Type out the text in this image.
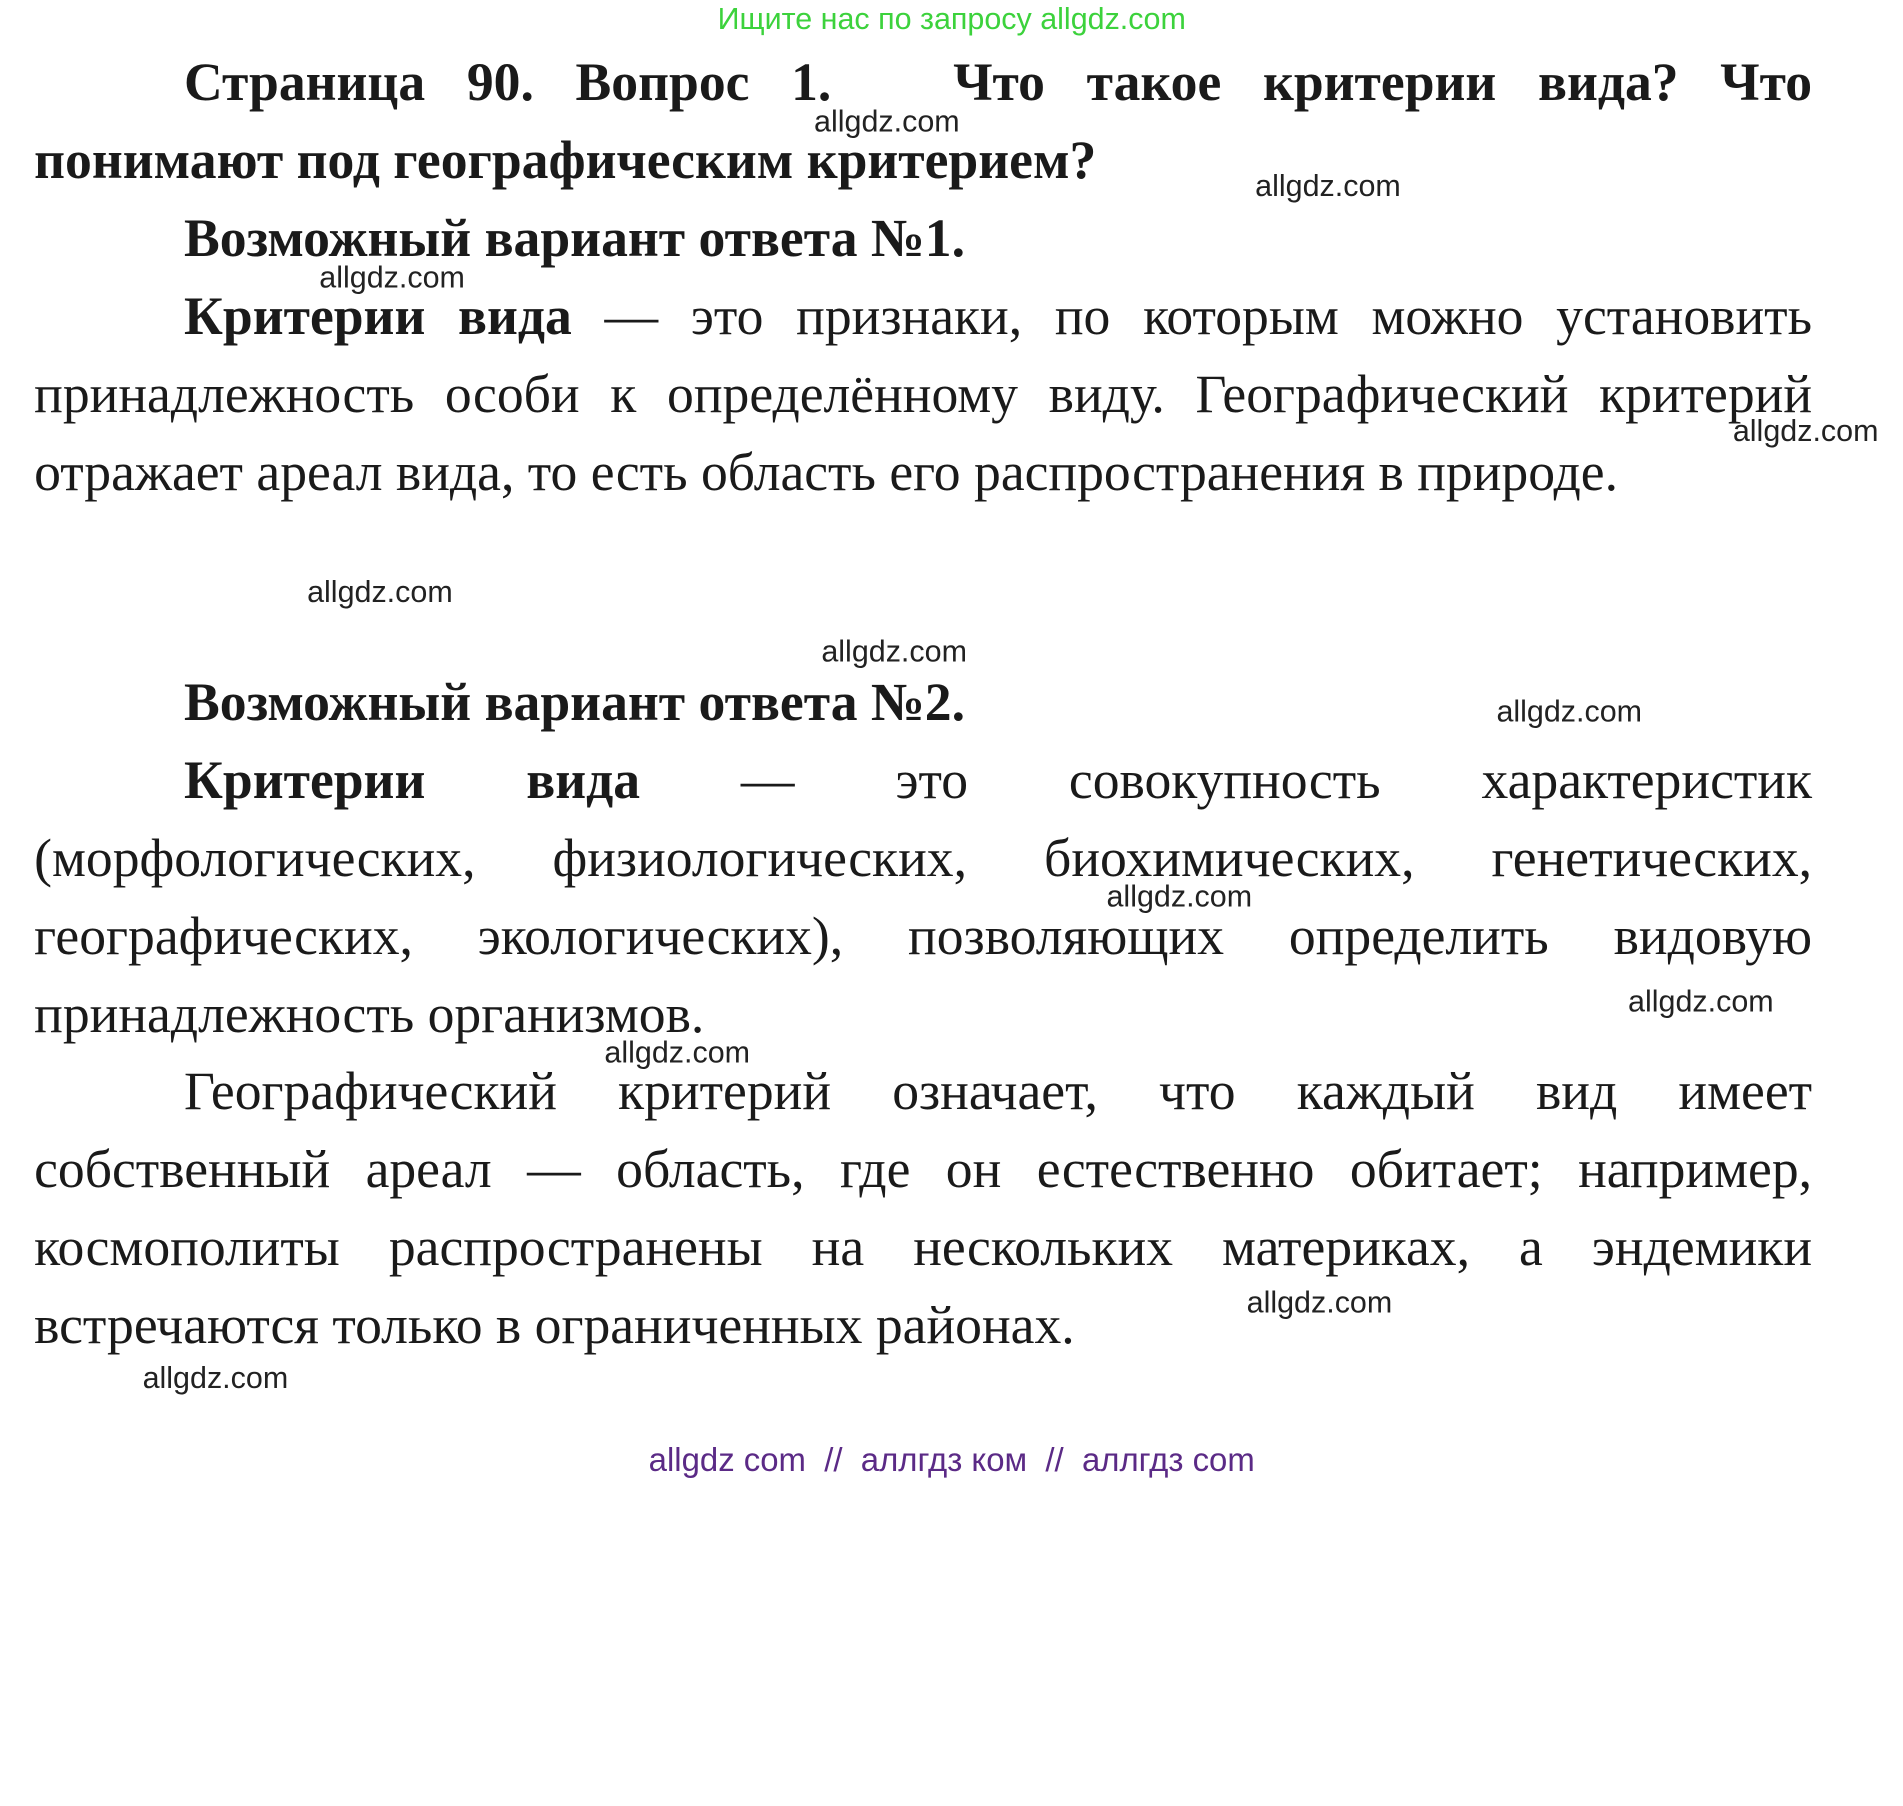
Ищите нас по запросу allgdz.com

Страница 90. Вопрос 1.	Что такое критерии вида? Что понимают под географическим критерием?

Возможный вариант ответа №1.

Критерии вида — это признаки, по которым можно установить принадлежность особи к определённому виду. Географический критерий отражает ареал вида, то есть область его распространения в природе.

Возможный вариант ответа №2.

Критерии вида — это совокупность характеристик (морфологических, физиологических, биохимических, генетических, географических, экологических), позволяющих определить видовую принадлежность организмов.

Географический критерий означает, что каждый вид имеет собственный ареал — область, где он естественно обитает; например, космополиты распространены на нескольких материках, а эндемики встречаются только в ограниченных районах.

allgdz.com
allgdz.com
allgdz.com
allgdz.com
allgdz.com
allgdz.com
allgdz.com
allgdz.com
allgdz.com
allgdz.com
allgdz.com
allgdz.com
allgdz com  //  аллгдз ком  //  аллгдз com
